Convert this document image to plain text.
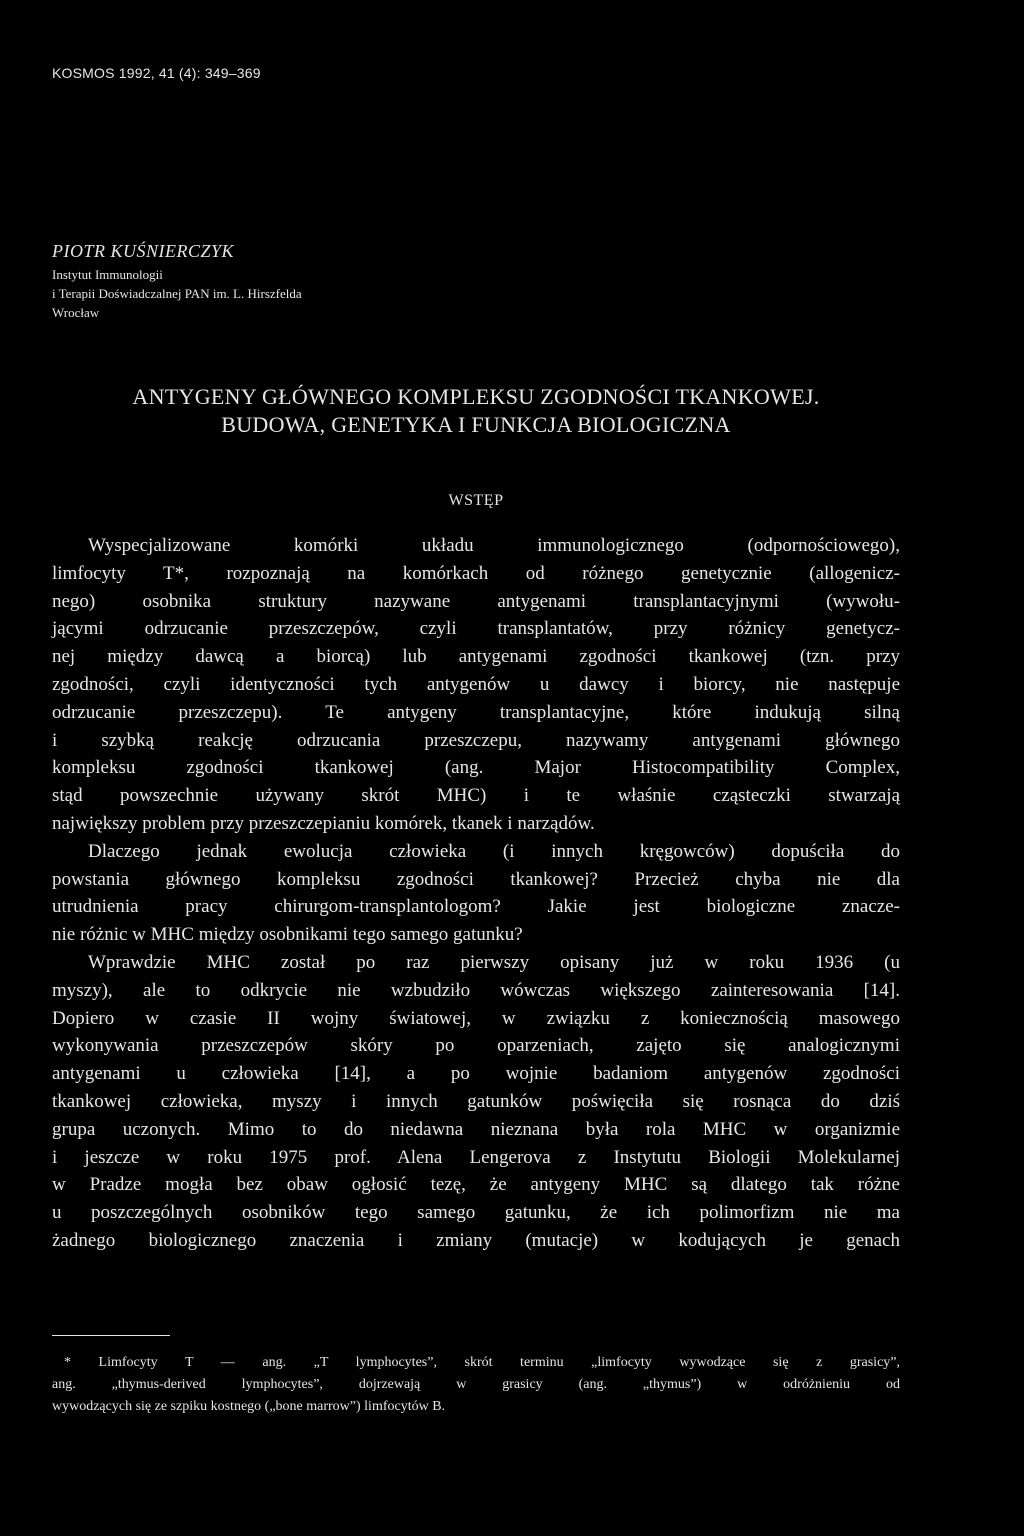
KOSMOS 1992, 41 (4): 349–369
PIOTR KUŚNIERCZYK
Instytut Immunologii
i Terapii Doświadczalnej PAN im. L. Hirszfelda
Wrocław
ANTYGENY GŁÓWNEGO KOMPLEKSU ZGODNOŚCI TKANKOWEJ.
BUDOWA, GENETYKA I FUNKCJA BIOLOGICZNA
WSTĘP
Wyspecjalizowane komórki układu immunologicznego (odpornościowego),
limfocyty T*, rozpoznają na komórkach od różnego genetycznie (allogenicz-
nego) osobnika struktury nazywane antygenami transplantacyjnymi (wywołu-
jącymi odrzucanie przeszczepów, czyli transplantatów, przy różnicy genetycz-
nej między dawcą a biorcą) lub antygenami zgodności tkankowej (tzn. przy
zgodności, czyli identyczności tych antygenów u dawcy i biorcy, nie następuje
odrzucanie przeszczepu). Te antygeny transplantacyjne, które indukują silną
i szybką reakcję odrzucania przeszczepu, nazywamy antygenami głównego
kompleksu zgodności tkankowej (ang. Major Histocompatibility Complex,
stąd powszechnie używany skrót MHC) i te właśnie cząsteczki stwarzają
największy problem przy przeszczepianiu komórek, tkanek i narządów.
Dlaczego jednak ewolucja człowieka (i innych kręgowców) dopuściła do
powstania głównego kompleksu zgodności tkankowej? Przecież chyba nie dla
utrudnienia pracy chirurgom-transplantologom? Jakie jest biologiczne znacze-
nie różnic w MHC między osobnikami tego samego gatunku?
Wprawdzie MHC został po raz pierwszy opisany już w roku 1936 (u
myszy), ale to odkrycie nie wzbudziło wówczas większego zainteresowania [14].
Dopiero w czasie II wojny światowej, w związku z koniecznością masowego
wykonywania przeszczepów skóry po oparzeniach, zajęto się analogicznymi
antygenami u człowieka [14], a po wojnie badaniom antygenów zgodności
tkankowej człowieka, myszy i innych gatunków poświęciła się rosnąca do dziś
grupa uczonych. Mimo to do niedawna nieznana była rola MHC w organizmie
i jeszcze w roku 1975 prof. Alena Lengerova z Instytutu Biologii Molekularnej
w Pradze mogła bez obaw ogłosić tezę, że antygeny MHC są dlatego tak różne
u poszczególnych osobników tego samego gatunku, że ich polimorfizm nie ma
żadnego biologicznego znaczenia i zmiany (mutacje) w kodujących je genach
* Limfocyty T — ang. „T lymphocytes”, skrót terminu „limfocyty wywodzące się z grasicy”,
ang. „thymus-derived lymphocytes”, dojrzewają w grasicy (ang. „thymus”) w odróżnieniu od
wywodzących się ze szpiku kostnego („bone marrow”) limfocytów B.
